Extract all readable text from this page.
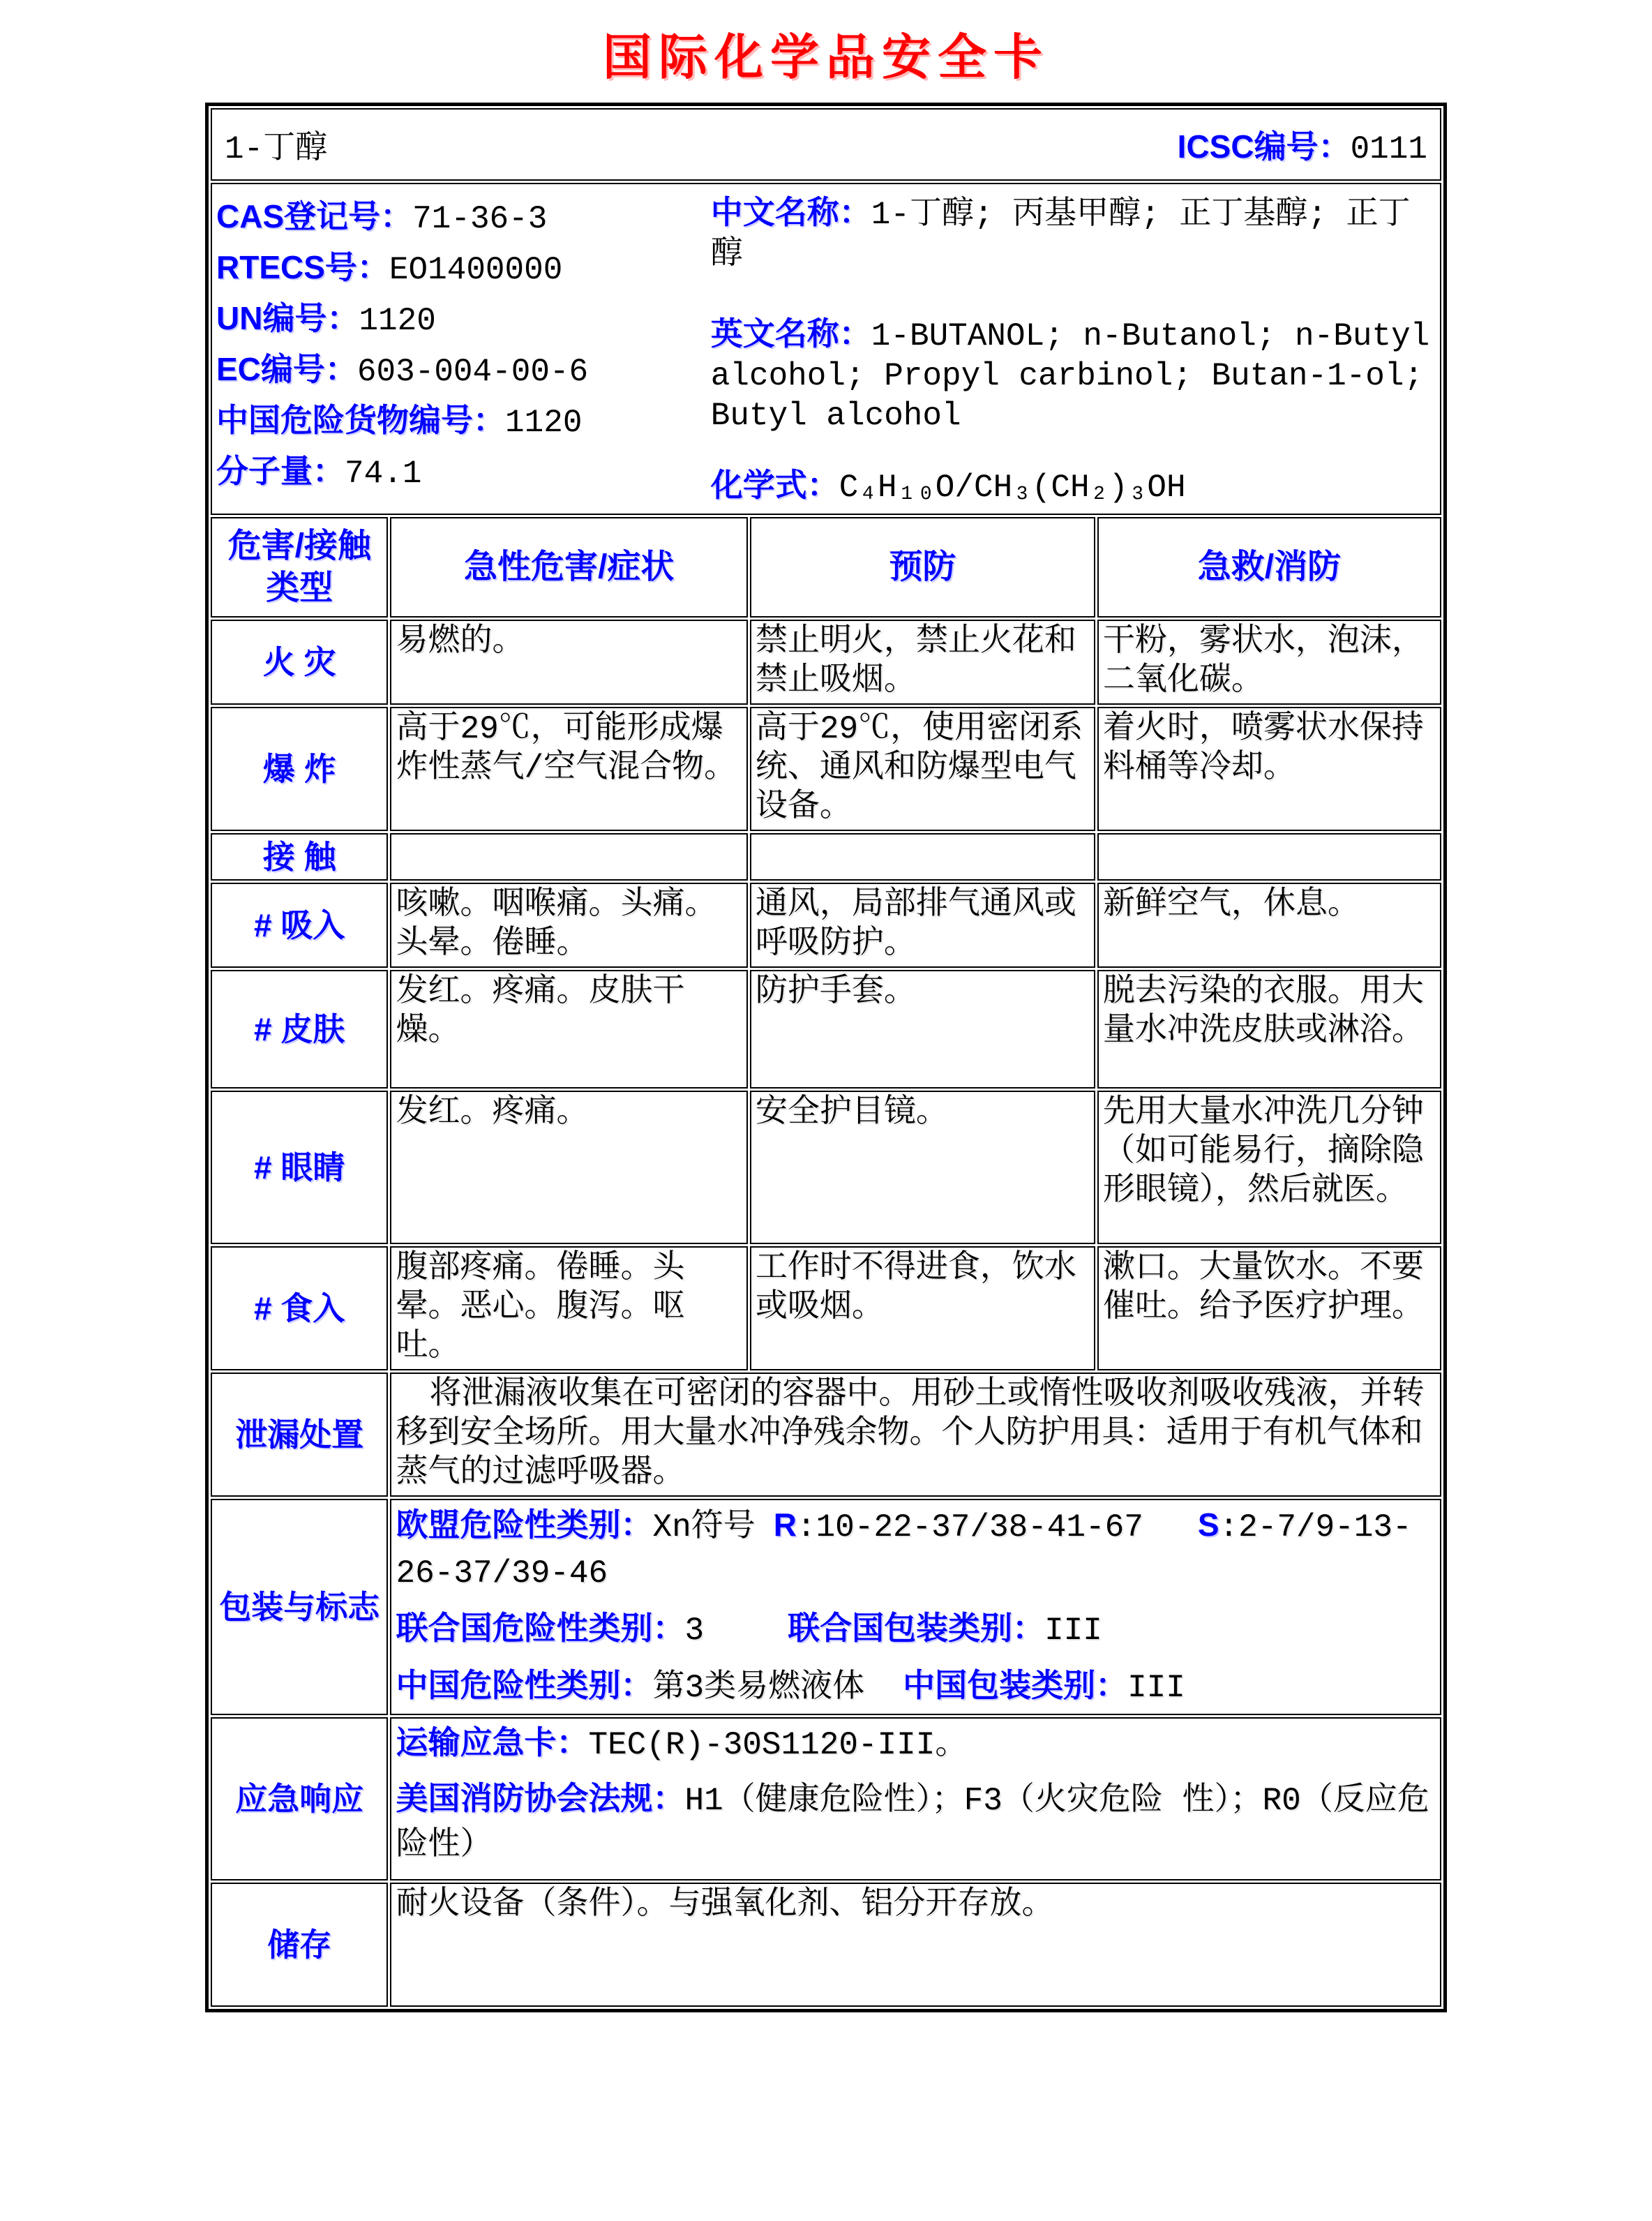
国际化学品安全卡
1-丁醇 ICSC编号：0111			

CAS登记号：71-36-3
RTECS号：EO1400000
UN编号：1120
EC编号：603-004-00-6
中国危险货物编号：1120
分子量：74.1

中文名称：1-丁醇; 丙基甲醇; 正丁基醇; 正丁醇

英文名称：1-BUTANOL; n-Butanol; n-Butyl alcohol; Propyl carbinol; Butan-1-ol; Butyl alcohol

化学式：C₄H₁₀O/CH₃(CH₂)₃OH

危害/接触类型	急性危害/症状	预防	急救/消防
火 灾	易燃的。	禁止明火，禁止火花和禁止吸烟。	干粉，雾状水，泡沫，二氧化碳。
爆 炸	高于29℃，可能形成爆炸性蒸气/空气混合物。	高于29℃，使用密闭系统、通风和防爆型电气设备。	着火时，喷雾状水保持料桶等冷却。
接 触			
# 吸入	咳嗽。咽喉痛。头痛。头晕。倦睡。	通风，局部排气通风或呼吸防护。	新鲜空气，休息。
# 皮肤	发红。疼痛。皮肤干燥。	防护手套。	脱去污染的衣服。用大量水冲洗皮肤或淋浴。
# 眼睛	发红。疼痛。	安全护目镜。	先用大量水冲洗几分钟（如可能易行，摘除隐形眼镜），然后就医。
# 食入	腹部疼痛。倦睡。头晕。恶心。腹泻。呕吐。	工作时不得进食，饮水或吸烟。	漱口。大量饮水。不要催吐。给予医疗护理。
泄漏处置	将泄漏液收集在可密闭的容器中。用砂土或惰性吸收剂吸收残液，并转移到安全场所。用大量水冲净残余物。个人防护用具：适用于有机气体和蒸气的过滤呼吸器。		
包装与标志	欧盟危险性类别：Xn符号 R:10-22-37/38-41-67 S:2-7/9-13-26-37/39-46

联合国危险性类别：3 联合国包装类别：III

中国危险性类别：第3类易燃液体 中国包装类别：III		

应急响应	运输应急卡：TEC(R)-30S1120-III。

美国消防协会法规：H1（健康危险性）；F3（火灾危险 性）；R0（反应危险性）		

储存	耐火设备（条件）。与强氧化剂、铝分开存放。		
